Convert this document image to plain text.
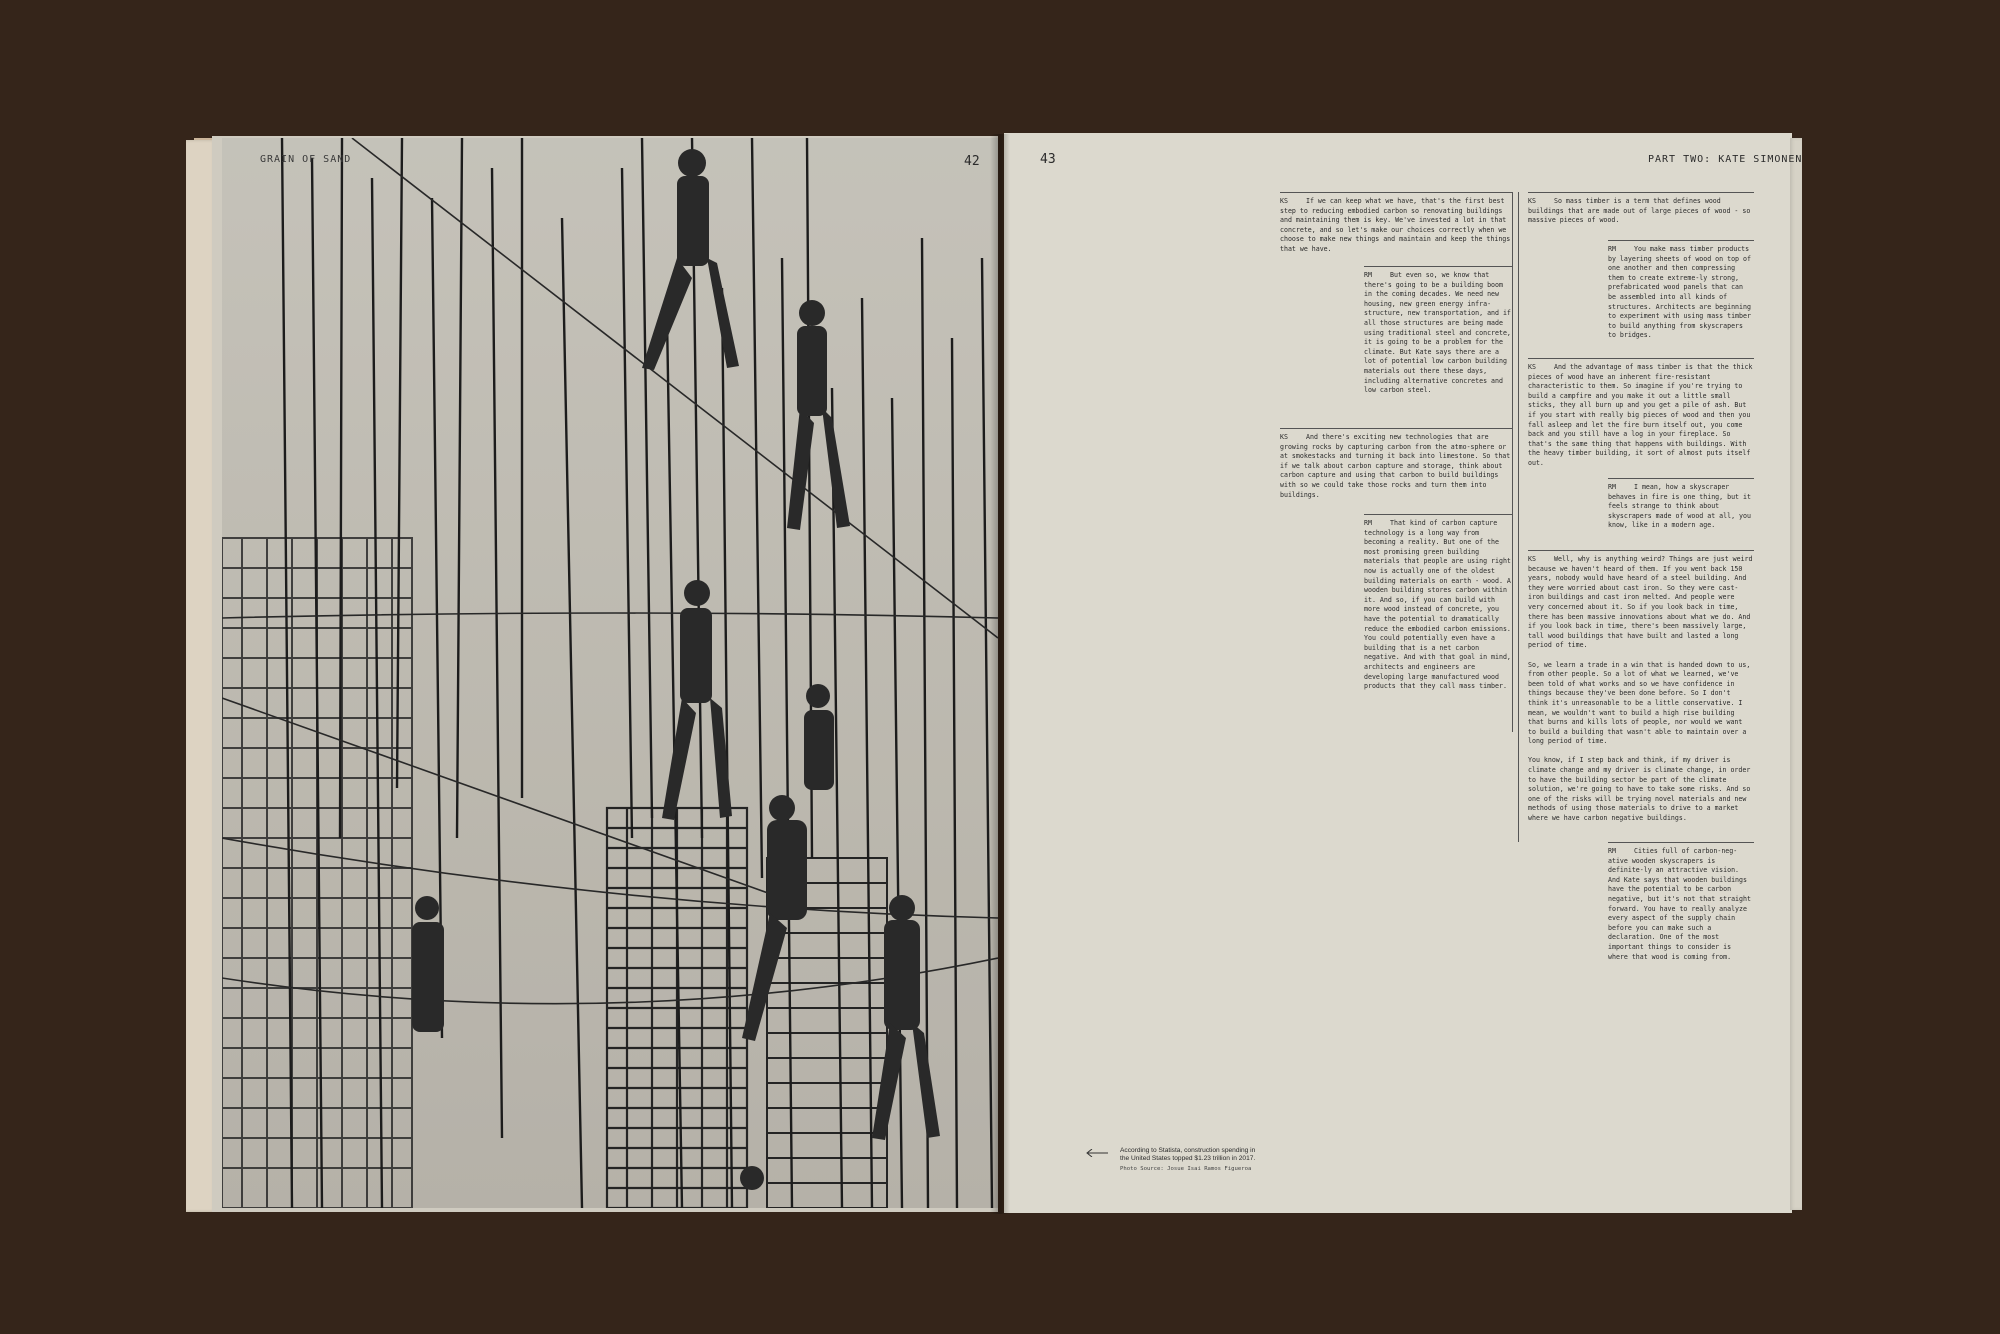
GRAIN OF SAND	42	43	PART TWO: KATE SIMONEN

KS	If we can keep what we have, that's the first best step to reducing embodied carbon so renovating buildings and maintaining them is key. We've invested a lot in that concrete, and so let's make our choices correctly when we choose to make new things and maintain and keep the things that we have.

RM	But even so, we know that there's going to be a building boom in the coming decades. We need new housing, new green energy infra-structure, new transportation, and if all those structures are being made using traditional steel and concrete, it is going to be a problem for the climate. But Kate says there are a lot of potential low carbon building materials out there these days, including alternative concretes and low carbon steel.

KS	And there's exciting new technologies that are growing rocks by capturing carbon from the atmo-sphere or at smokestacks and turning it back into limestone. So that if we talk about carbon capture and storage, think about carbon capture and using that carbon to build buildings with so we could take those rocks and turn them into buildings.

RM	That kind of carbon capture technology is a long way from becoming a reality. But one of the most promising green building materials that people are using right now is actually one of the oldest building materials on earth - wood. A wooden building stores carbon within it. And so, if you can build with more wood instead of concrete, you have the potential to dramatically reduce the embodied carbon emissions. You could potentially even have a building that is a net carbon negative. And with that goal in mind, architects and engineers are developing large manufactured wood products that they call mass timber.

KS	So mass timber is a term that defines wood buildings that are made out of large pieces of wood - so massive pieces of wood.

RM	You make mass timber products by layering sheets of wood on top of one another and then compressing them to create extreme-ly strong, prefabricated wood panels that can be assembled into all kinds of structures. Architects are beginning to experiment with using mass timber to build anything from skyscrapers to bridges.

KS	And the advantage of mass timber is that the thick pieces of wood have an inherent fire-resistant characteristic to them. So imagine if you're trying to build a campfire and you make it out a little small sticks, they all burn up and you get a pile of ash. But if you start with really big pieces of wood and then you fall asleep and let the fire burn itself out, you come back and you still have a log in your fireplace. So that's the same thing that happens with buildings. With the heavy timber building, it sort of almost puts itself out.

RM	I mean, how a skyscraper behaves in fire is one thing, but it feels strange to think about skyscrapers made of wood at all, you know, like in a modern age.

KS	Well, why is anything weird? Things are just weird because we haven't heard of them. If you went back 150 years, nobody would have heard of a steel building. And they were worried about cast iron. So they were cast-iron buildings and cast iron melted. And people were very concerned about it. So if you look back in time, there has been massive innovations about what we do. And if you look back in time, there's been massively large, tall wood buildings that have built and lasted a long period of time.

So, we learn a trade in a win that is handed down to us, from other people. So a lot of what we learned, we've been told of what works and so we have confidence in things because they've been done before. So I don't think it's unreasonable to be a little conservative. I mean, we wouldn't want to build a high rise building that burns and kills lots of people, nor would we want to build a building that wasn't able to maintain over a long period of time.

You know, if I step back and think, if my driver is climate change and my driver is climate change, in order to have the building sector be part of the climate solution, we're going to have to take some risks. And so one of the risks will be trying novel materials and new methods of using those materials to drive to a market where we have carbon negative buildings.

RM	Cities full of carbon-neg-ative wooden skyscrapers is definite-ly an attractive vision. And Kate says that wooden buildings have the potential to be carbon negative, but it's not that straight forward. You have to really analyze every aspect of the supply chain before you can make such a declaration. One of the most important things to consider is where that wood is coming from.

According to Statista, construction spending in the United States topped $1.23 trillion in 2017.
Photo Source: Josue Isai Ramos Figueroa
